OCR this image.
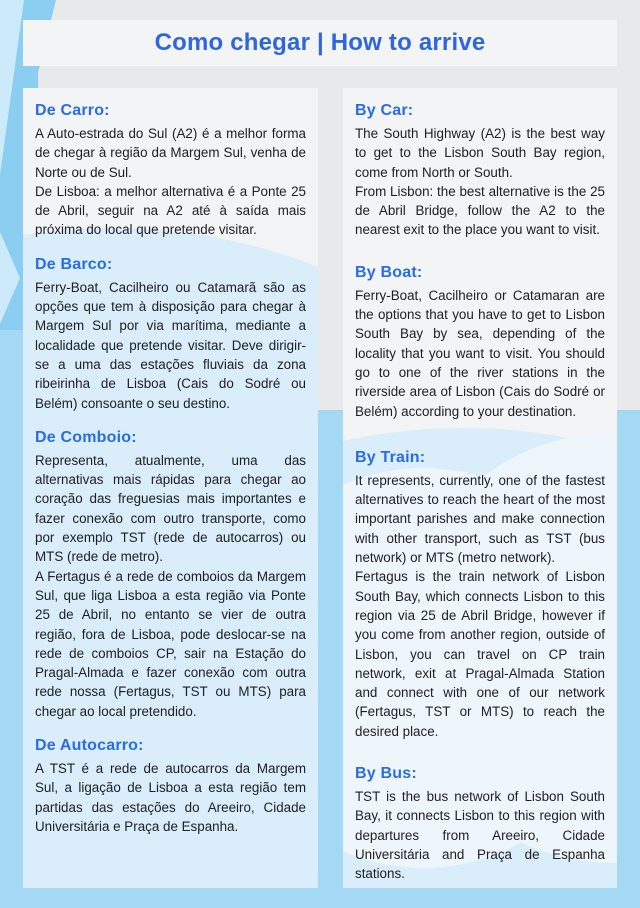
Como chegar | How to arrive
De Carro:

A Auto-estrada do Sul (A2) é a melhor forma de chegar à região da Margem Sul, venha de Norte ou de Sul.

De Lisboa: a melhor alternativa é a Ponte 25 de Abril, seguir na A2 até à saída mais próxima do local que pretende visitar.

De Barco:

Ferry-Boat, Cacilheiro ou Catamarã são as opções que tem à disposição para chegar à Margem Sul por via marítima, mediante a localidade que pretende visitar. Deve dirigir-se a uma das estações fluviais da zona ribeirinha de Lisboa (Cais do Sodré ou Belém) consoante o seu destino.

De Comboio:

Representa, atualmente, uma das alternativas mais rápidas para chegar ao coração das freguesias mais importantes e fazer conexão com outro transporte, como por exemplo TST (rede de autocarros) ou MTS (rede de metro).

A Fertagus é a rede de comboios da Margem Sul, que liga Lisboa a esta região via Ponte 25 de Abril, no entanto se vier de outra região, fora de Lisboa, pode deslocar-se na rede de comboios CP, sair na Estação do Pragal-Almada e fazer conexão com outra rede nossa (Fertagus, TST ou MTS) para chegar ao local pretendido.

De Autocarro:

A TST é a rede de autocarros da Margem Sul, a ligação de Lisboa a esta região tem partidas das estações do Areeiro, Cidade Universitária e Praça de Espanha.

By Car:

The South Highway (A2) is the best way to get to the Lisbon South Bay region, come from North or South.

From Lisbon: the best alternative is the 25 de Abril Bridge, follow the A2 to the nearest exit to the place you want to visit.

By Boat:

Ferry-Boat, Cacilheiro or Catamaran are the options that you have to get to Lisbon South Bay by sea, depending of the locality that you want to visit. You should go to one of the river stations in the riverside area of Lisbon (Cais do Sodré or Belém) according to your destination.

By Train:

It represents, currently, one of the fastest alternatives to reach the heart of the most important parishes and make connection with other transport, such as TST (bus network) or MTS (metro network).

Fertagus is the train network of Lisbon South Bay, which connects Lisbon to this region via 25 de Abril Bridge, however if you come from another region, outside of Lisbon, you can travel on CP train network, exit at Pragal-Almada Station and connect with one of our network (Fertagus, TST or MTS) to reach the desired place.

By Bus:

TST is the bus network of Lisbon South Bay, it connects Lisbon to this region with departures from Areeiro, Cidade Universitária and Praça de Espanha stations.
